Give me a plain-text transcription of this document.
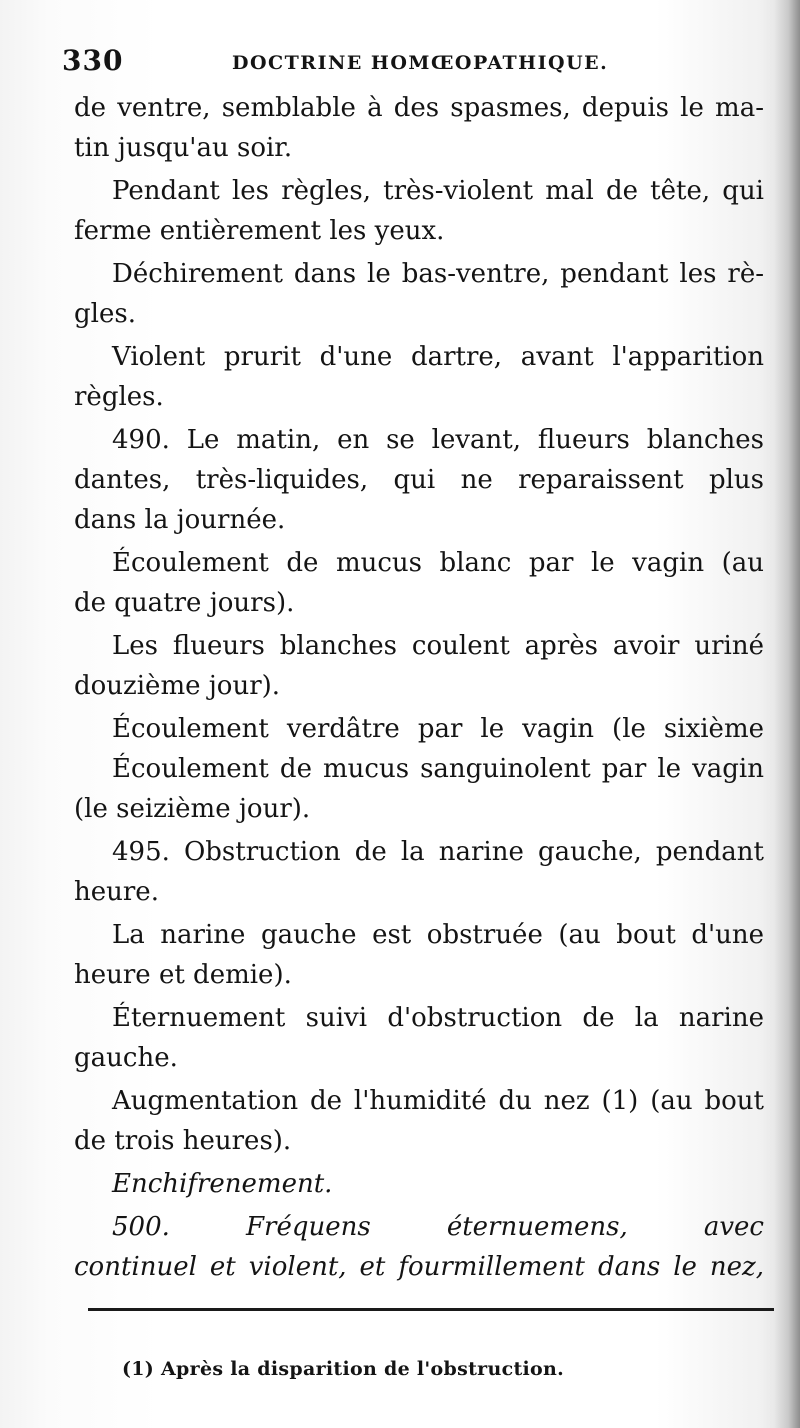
330	DOCTRINE HOMŒOPATHIQUE.
de ventre, semblable à des spasmes, depuis le ma-
tin jusqu'au soir.
Pendant les règles, très-violent mal de tête, qui
ferme entièrement les yeux.
Déchirement dans le bas-ventre, pendant les rè-
gles.
Violent prurit d'une dartre, avant l'apparition
règles.
490. Le matin, en se levant, flueurs blanches
dantes, très-liquides, qui ne reparaissent plus
dans la journée.
Écoulement de mucus blanc par le vagin (au
de quatre jours).
Les flueurs blanches coulent après avoir uriné
douzième jour).
Écoulement verdâtre par le vagin (le sixième
Écoulement de mucus sanguinolent par le vagin
(le seizième jour).
495. Obstruction de la narine gauche, pendant
heure.
La narine gauche est obstruée (au bout d'une
heure et demie).
Éternuement suivi d'obstruction de la narine
gauche.
Augmentation de l'humidité du nez (1) (au bout
de trois heures).
Enchifrenement.
500. Fréquens éternuemens, avec
continuel et violent, et fourmillement dans le nez,
(1) Après la disparition de l'obstruction.
